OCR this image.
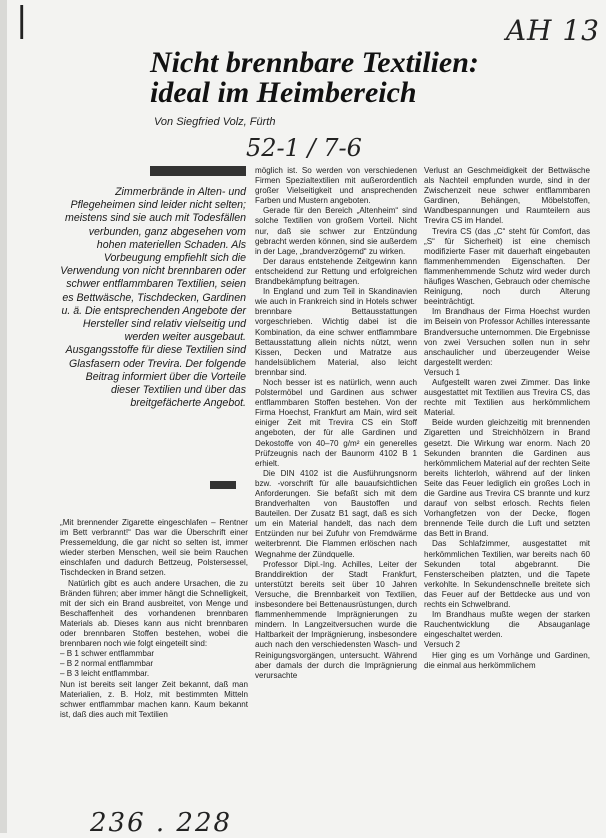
|	AH 13
52-1 / 7-6
236 . 228
Nicht brennbare Textilien:
ideal im Heimbereich
Von Siegfried Volz, Fürth

Zimmerbrände in Alten- und Pflegeheimen sind leider nicht selten; meistens sind sie auch mit Todesfällen verbunden, ganz abgesehen vom hohen materiellen Schaden. Als Vorbeugung empfiehlt sich die Verwendung von nicht brennbaren oder schwer entflammbaren Textilien, seien es Bettwäsche, Tischdecken, Gardinen u. ä. Die entsprechenden Angebote der Hersteller sind relativ vielseitig und werden weiter ausgebaut. Ausgangsstoffe für diese Textilien sind Glasfasern oder Trevira. Der folgende Beitrag informiert über die Vorteile dieser Textilien und über das breitgefächerte Angebot.

„Mit brennender Zigarette eingeschlafen – Rentner im Bett verbrannt!“ Das war die Überschrift einer Pressemeldung, die gar nicht so selten ist, immer wieder sterben Menschen, weil sie beim Rauchen einschlafen und dadurch Bettzeug, Polstersessel, Tischdecken in Brand setzen.

Natürlich gibt es auch andere Ursachen, die zu Bränden führen; aber immer hängt die Schnelligkeit, mit der sich ein Brand ausbreitet, von Menge und Beschaffenheit des vorhandenen brennbaren Materials ab. Dieses kann aus nicht brennbaren oder brennbaren Stoffen bestehen, wobei die brennbaren noch wie folgt eingeteilt sind:

– B 1 schwer entflammbar

– B 2 normal entflammbar

– B 3 leicht entflammbar.

Nun ist bereits seit langer Zeit bekannt, daß man Materialien, z. B. Holz, mit bestimmten Mitteln schwer entflammbar machen kann. Kaum bekannt ist, daß dies auch mit Textilien

möglich ist. So werden von verschiedenen Firmen Spezialtextilien mit außerordentlich großer Vielseitigkeit und ansprechenden Farben und Mustern angeboten.

Gerade für den Bereich „Altenheim“ sind solche Textilien von großem Vorteil. Nicht nur, daß sie schwer zur Entzündung gebracht werden können, sind sie außerdem in der Lage, „brandverzögernd“ zu wirken.

Der daraus entstehende Zeitgewinn kann entscheidend zur Rettung und erfolgreichen Brandbekämpfung beitragen.

In England und zum Teil in Skandinavien wie auch in Frankreich sind in Hotels schwer brennbare Bettausstattungen vorgeschrieben. Wichtig dabei ist die Kombination, da eine schwer entflammbare Bettausstattung allein nichts nützt, wenn Kissen, Decken und Matratze aus handelsüblichem Material, also leicht brennbar sind.

Noch besser ist es natürlich, wenn auch Polstermöbel und Gardinen aus schwer entflammbaren Stoffen bestehen. Von der Firma Hoechst, Frankfurt am Main, wird seit einiger Zeit mit Trevira CS ein Stoff angeboten, der für alle Gardinen und Dekostoffe von 40–70 g/m² ein generelles Prüfzeugnis nach der Baunorm 4102 B 1 erhielt.

Die DIN 4102 ist die Ausführungsnorm bzw. -vorschrift für alle bauaufsichtlichen Anforderungen. Sie befaßt sich mit dem Brandverhalten von Baustoffen und Bauteilen. Der Zusatz B1 sagt, daß es sich um ein Material handelt, das nach dem Entzünden nur bei Zufuhr von Fremdwärme weiterbrennt. Die Flammen erlöschen nach Wegnahme der Zündquelle.

Professor Dipl.-Ing. Achilles, Leiter der Branddirektion der Stadt Frankfurt, unterstützt bereits seit über 10 Jahren Versuche, die Brennbarkeit von Textilien, insbesondere bei Bettenausrüstungen, durch flammenhemmende Imprägnierungen zu mindern. In Langzeitversuchen wurde die Haltbarkeit der Imprägnierung, insbesondere auch nach den verschiedensten Wasch- und Reinigungsvorgängen, untersucht. Während aber damals der durch die Imprägnierung verursachte

Verlust an Geschmeidigkeit der Bettwäsche als Nachteil empfunden wurde, sind in der Zwischenzeit neue schwer entflammbaren Gardinen, Behängen, Möbelstoffen, Wandbespannungen und Raumteilern aus Trevira CS im Handel.

Trevira CS (das „C“ steht für Comfort, das „S“ für Sicherheit) ist eine chemisch modifizierte Faser mit dauerhaft eingebauten flammenhemmenden Eigenschaften. Der flammenhemmende Schutz wird weder durch häufiges Waschen, Gebrauch oder chemische Reinigung, noch durch Alterung beeinträchtigt.

Im Brandhaus der Firma Hoechst wurden im Beisein von Professor Achilles interessante Brandversuche unternommen. Die Ergebnisse von zwei Versuchen sollen nun in sehr anschaulicher und überzeugender Weise dargestellt werden:

Versuch 1

Aufgestellt waren zwei Zimmer. Das linke ausgestattet mit Textilien aus Trevira CS, das rechte mit Textilien aus herkömmlichem Material.

Beide wurden gleichzeitig mit brennenden Zigaretten und Streichhölzern in Brand gesetzt. Die Wirkung war enorm. Nach 20 Sekunden brannten die Gardinen aus herkömmlichem Material auf der rechten Seite bereits lichterloh, während auf der linken Seite das Feuer lediglich ein großes Loch in die Gardine aus Trevira CS brannte und kurz darauf von selbst erlosch. Rechts fielen Vorhangfetzen von der Decke, flogen brennende Teile durch die Luft und setzten das Bett in Brand.

Das Schlafzimmer, ausgestattet mit herkömmlichen Textilien, war bereits nach 60 Sekunden total abgebrannt. Die Fensterscheiben platzten, und die Tapete verkohlte. In Sekundenschnelle breitete sich das Feuer auf der Bettdecke aus und von rechts ein Schwelbrand.

Im Brandhaus mußte wegen der starken Rauchentwicklung die Absauganlage eingeschaltet werden.

Versuch 2

Hier ging es um Vorhänge und Gardinen, die einmal aus herkömmlichem
